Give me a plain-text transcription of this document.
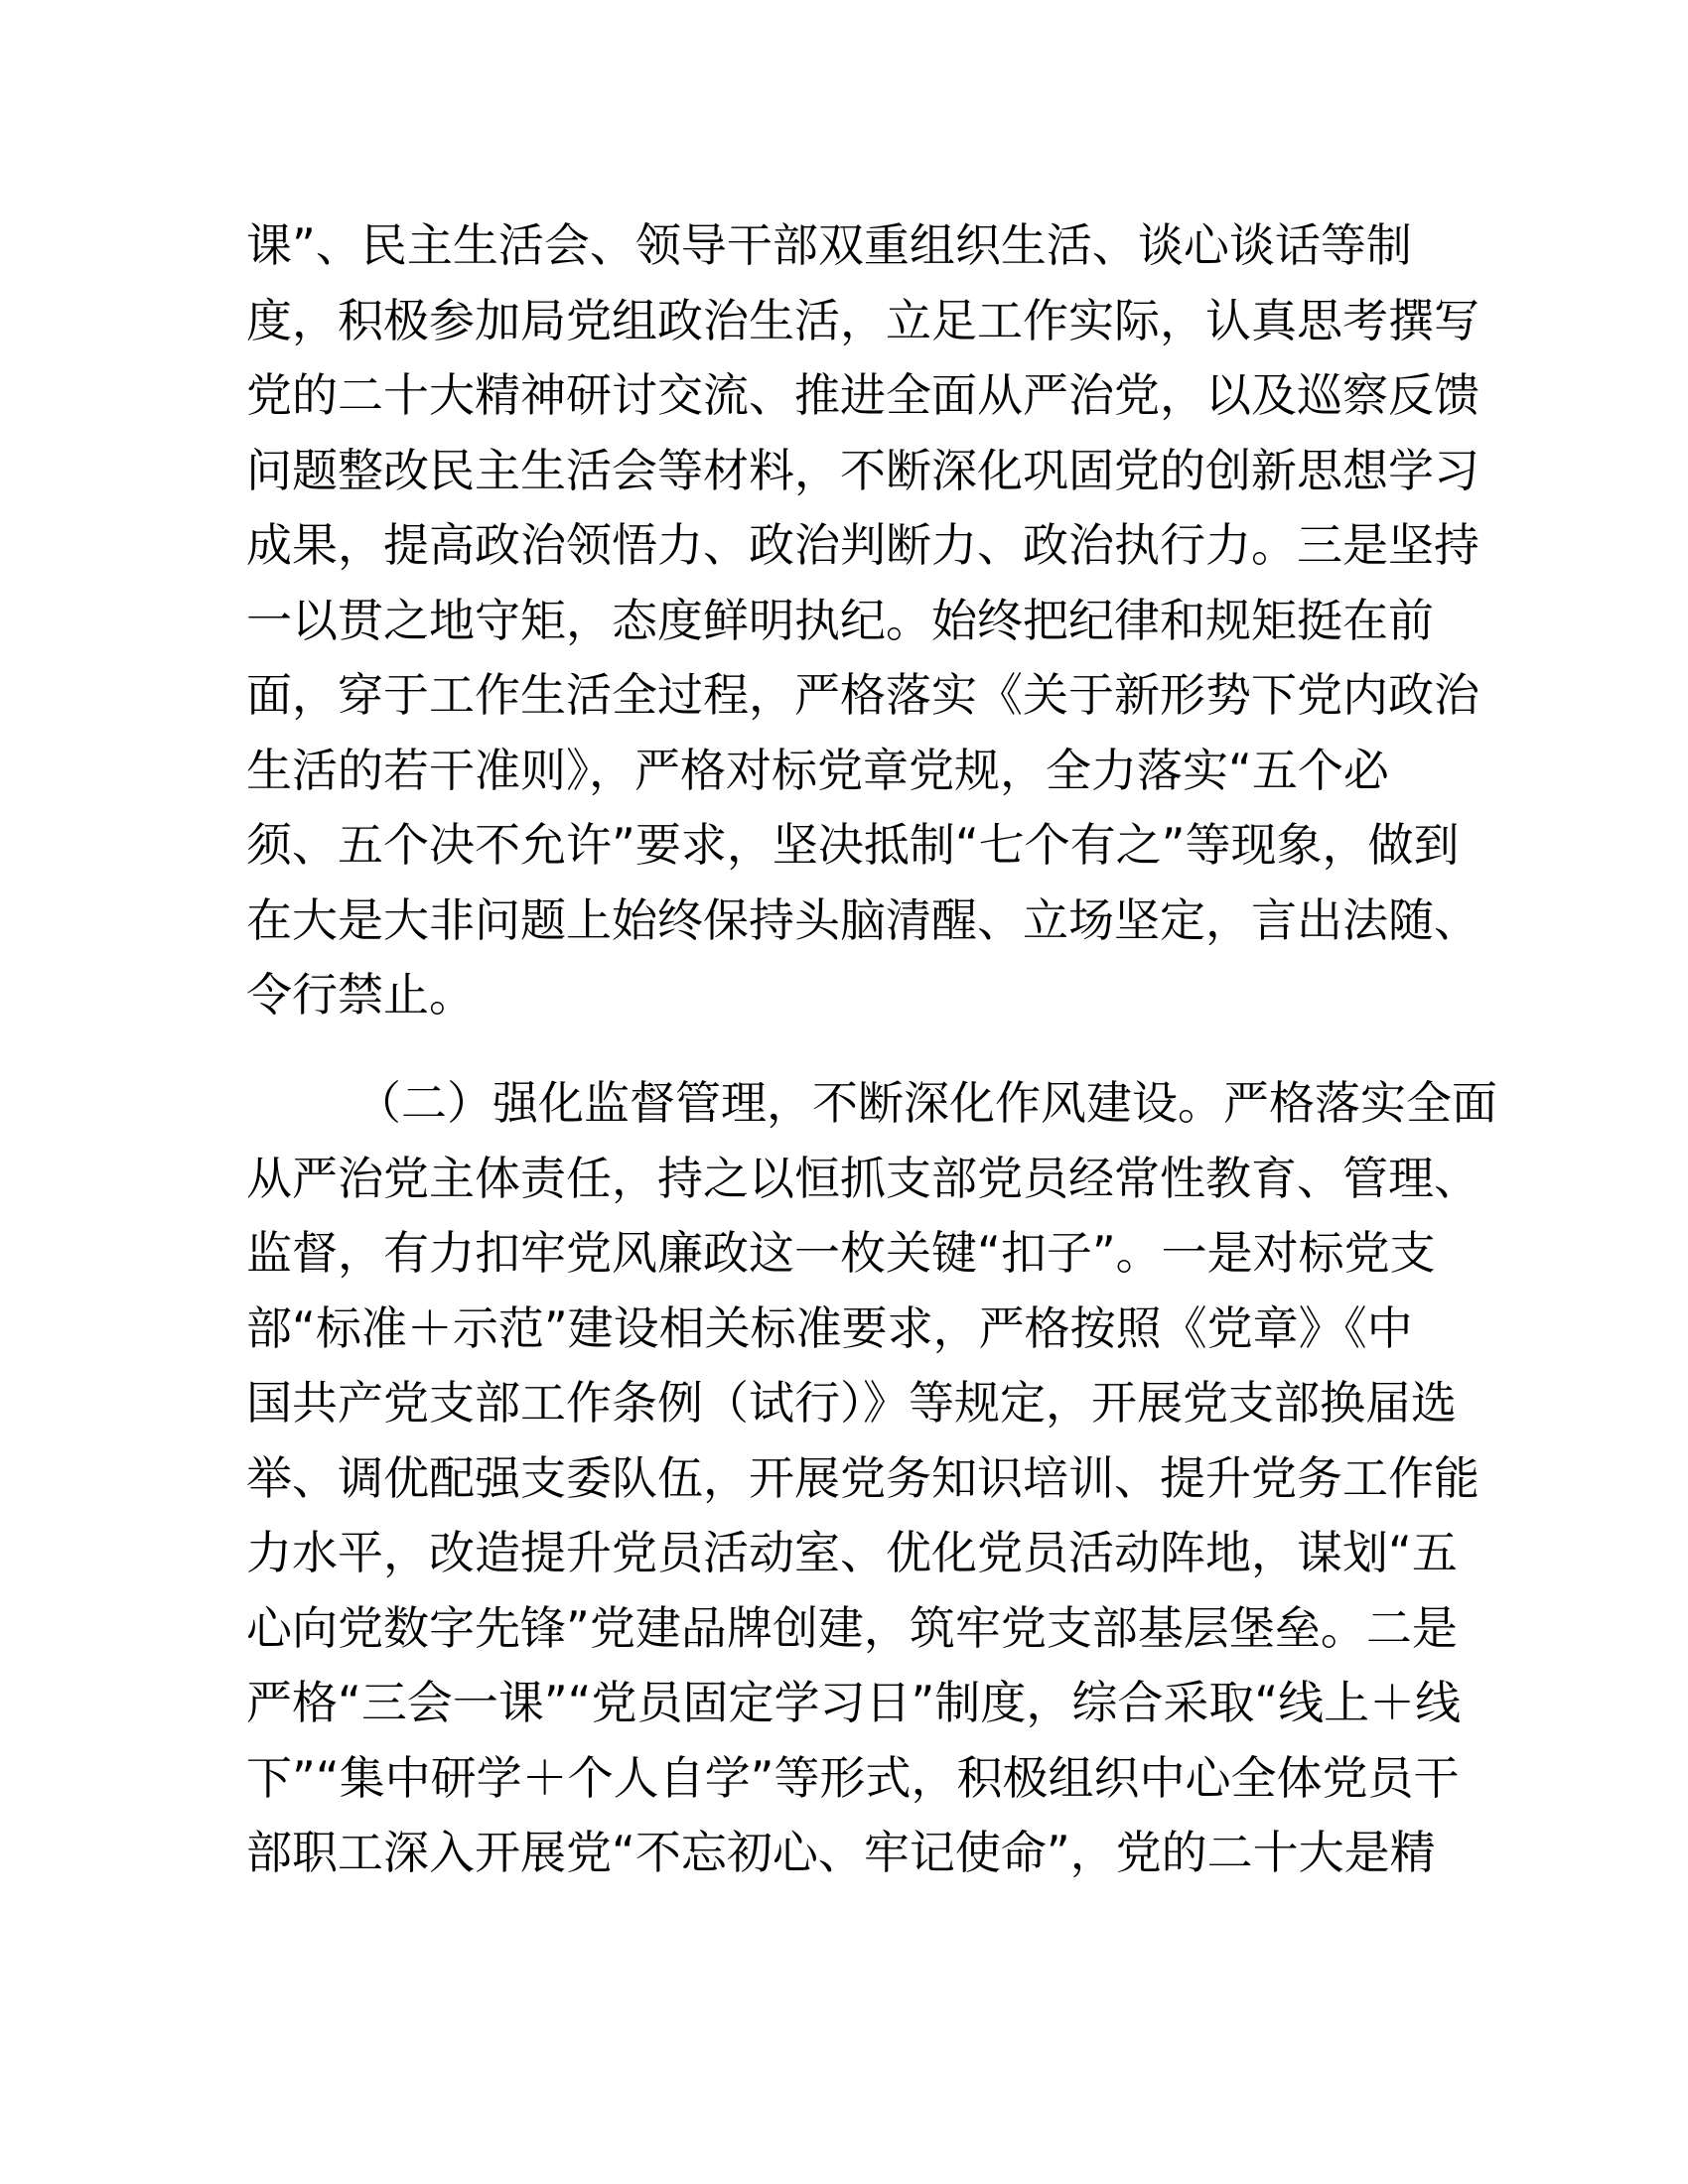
课”、民主生活会、领导干部双重组织生活、谈心谈话等制
度，积极参加局党组政治生活，立足工作实际，认真思考撰写
党的二十大精神研讨交流、推进全面从严治党，以及巡察反馈
问题整改民主生活会等材料，不断深化巩固党的创新思想学习
成果，提高政治领悟力、政治判断力、政治执行力。三是坚持
一以贯之地守矩，态度鲜明执纪。始终把纪律和规矩挺在前
面，穿于工作生活全过程，严格落实《关于新形势下党内政治
生活的若干准则》，严格对标党章党规，全力落实“五个必
须、五个决不允许”要求，坚决抵制“七个有之”等现象，做到
在大是大非问题上始终保持头脑清醒、立场坚定，言出法随、
令行禁止。
（二）强化监督管理，不断深化作风建设。严格落实全面
从严治党主体责任，持之以恒抓支部党员经常性教育、管理、
监督，有力扣牢党风廉政这一枚关键“扣子”。一是对标党支
部“标准＋示范”建设相关标准要求，严格按照《党章》《中
国共产党支部工作条例（试行）》等规定，开展党支部换届选
举、调优配强支委队伍，开展党务知识培训、提升党务工作能
力水平，改造提升党员活动室、优化党员活动阵地，谋划“五
心向党数字先锋”党建品牌创建，筑牢党支部基层堡垒。二是
严格“三会一课”“党员固定学习日”制度，综合采取“线上＋线
下”“集中研学＋个人自学”等形式，积极组织中心全体党员干
部职工深入开展党“不忘初心、牢记使命”，党的二十大是精
